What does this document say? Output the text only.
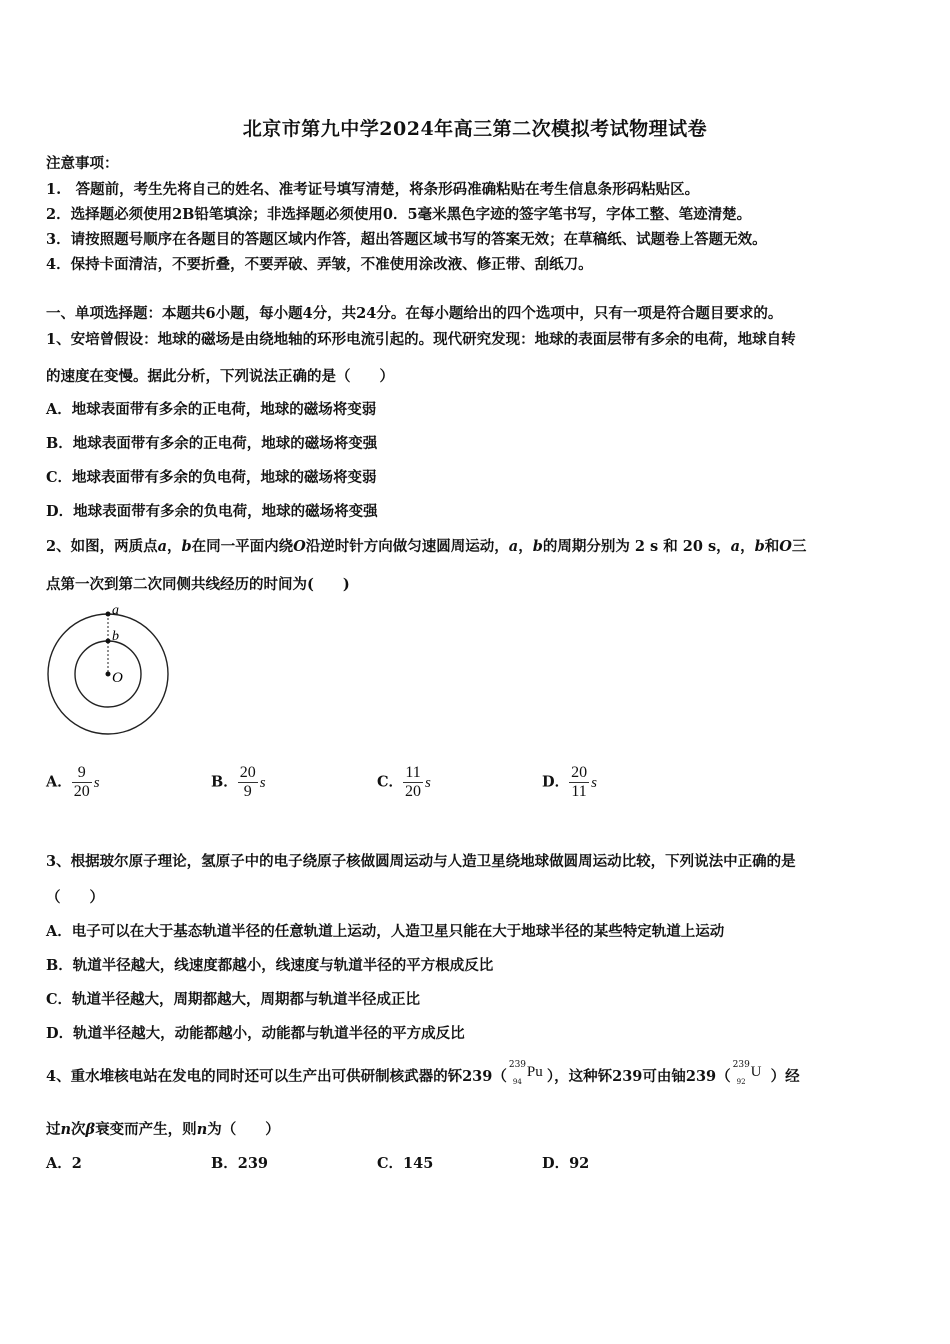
北京市第九中学2024年高三第二次模拟考试物理试卷
注意事项：
1.　答题前，考生先将自己的姓名、准考证号填写清楚，将条形码准确粘贴在考生信息条形码粘贴区。
2．选择题必须使用2B铅笔填涂；非选择题必须使用0．5毫米黑色字迹的签字笔书写，字体工整、笔迹清楚。
3．请按照题号顺序在各题目的答题区域内作答，超出答题区域书写的答案无效；在草稿纸、试题卷上答题无效。
4．保持卡面清洁，不要折叠，不要弄破、弄皱，不准使用涂改液、修正带、刮纸刀。
一、单项选择题：本题共6小题，每小题4分，共24分。在每小题给出的四个选项中，只有一项是符合题目要求的。
1、安培曾假设：地球的磁场是由绕地轴的环形电流引起的。现代研究发现：地球的表面层带有多余的电荷，地球自转
的速度在变慢。据此分析，下列说法正确的是（　　）
A．地球表面带有多余的正电荷，地球的磁场将变弱
B．地球表面带有多余的正电荷，地球的磁场将变强
C．地球表面带有多余的负电荷，地球的磁场将变弱
D．地球表面带有多余的负电荷，地球的磁场将变强
2、如图，两质点a，b在同一平面内绕O沿逆时针方向做匀速圆周运动，a，b的周期分别为 2 s 和 20 s，a，b和O三
点第一次到第二次同侧共线经历的时间为(　　)
a
b
O
A． $\frac{9}{20}$ s	B． $\frac{20}{9}$ s	C． $\frac{11}{20}$ s	D． $\frac{20}{11}$ s
3、根据玻尔原子理论，氢原子中的电子绕原子核做圆周运动与人造卫星绕地球做圆周运动比较，下列说法中正确的是
（　　）
A．电子可以在大于基态轨道半径的任意轨道上运动，人造卫星只能在大于地球半径的某些特定轨道上运动
B．轨道半径越大，线速度都越小，线速度与轨道半径的平方根成反比
C．轨道半径越大，周期都越大，周期都与轨道半径成正比
D．轨道半径越大，动能都越小，动能都与轨道半径的平方成反比
4、重水堆核电站在发电的同时还可以生产出可供研制核武器的钚239（
239
94
Pu ），这种钚239可由铀239（
239
92
U ）经
过n次β衰变而产生，则n为（　　）
A．2	B．239	C．145	D．92
